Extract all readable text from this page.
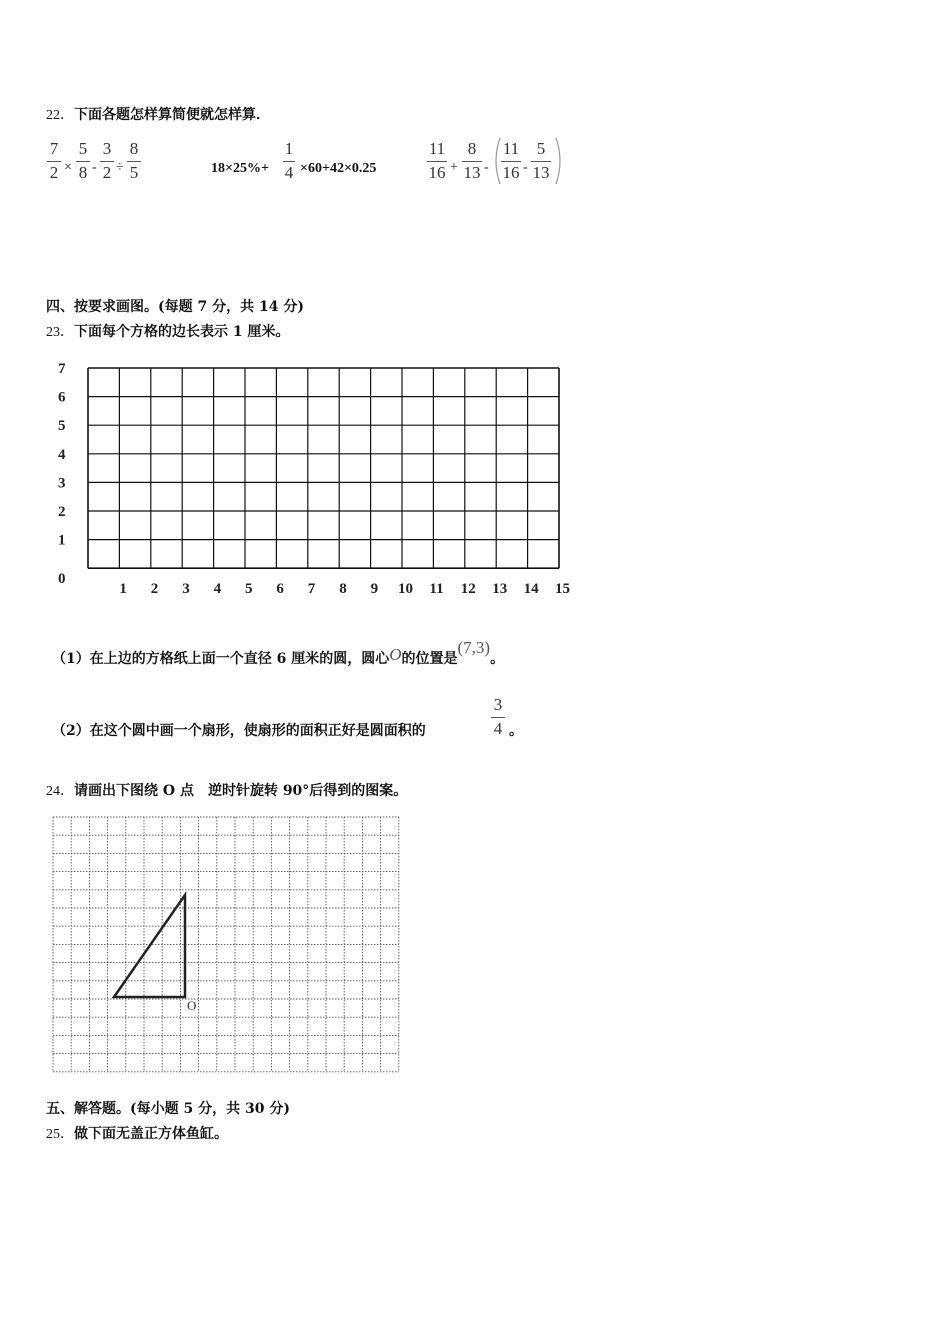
22．下面各题怎样算简便就怎样算．
7
2 ×
5
8 -
3
2 ÷
8
5	18×25%+
1
4 ×60+42×0.25
11
16 +
8
13 -
11
16 -
5
13
四、按要求画图。(每题 7 分，共 14 分)
23．下面每个方格的边长表示 1 厘米。
0
1
2
3
4
5
6
7
1 2 3 4 5 6 7 8 9 10 11 12 13 14 15
（1）在上边的方格纸上面一个直径 6 厘米的圆，圆心O的位置是(7,3)。
（2）在这个圆中画一个扇形，使扇形的面积正好是圆面积的
3
4 。
24．请画出下图绕 O 点　逆时针旋转 90°后得到的图案。
O
五、解答题。(每小题 5 分，共 30 分)
25．做下面无盖正方体鱼缸。
